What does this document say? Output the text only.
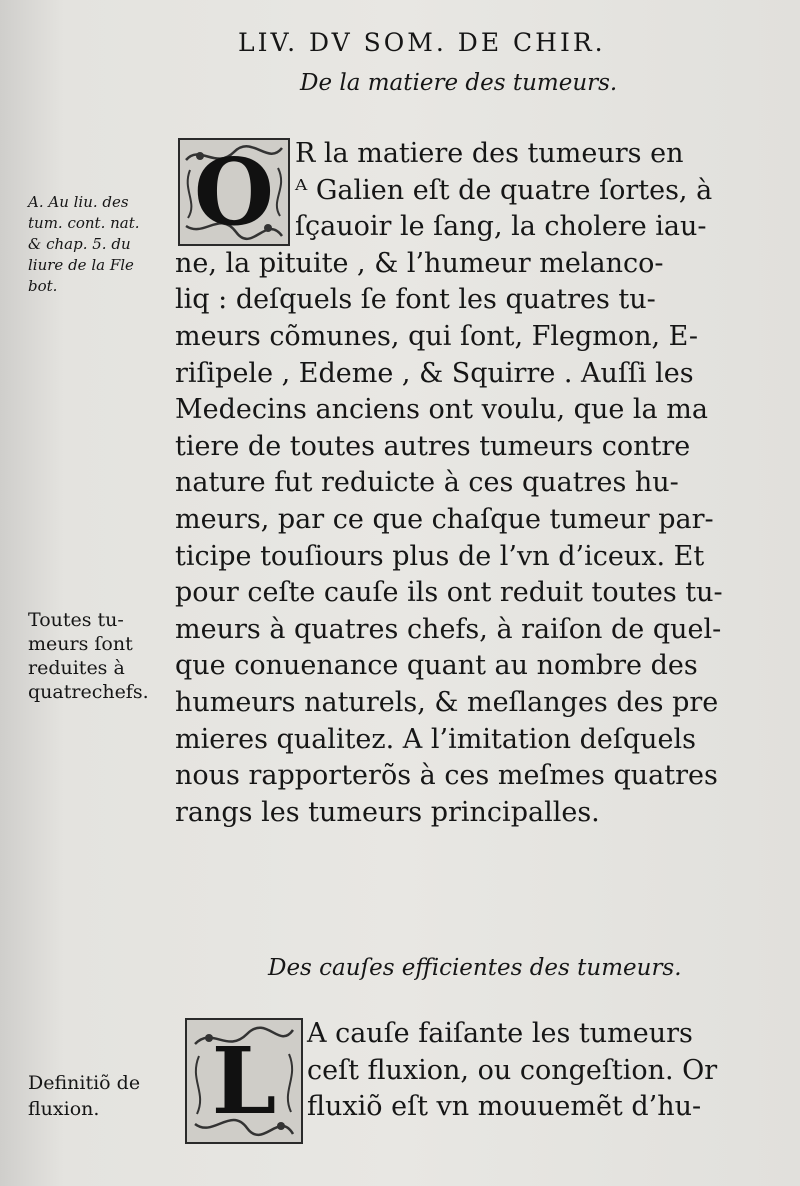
LIV. DV SOM. DE CHIR.
De la matiere des tumeurs.
O R la matiere des tumeurs en
ᴬ Galien eſt de quatre ſortes, à
ſçauoir le ſang, la cholere iau-
ne, la pituite , & l’humeur melanco-
liq : deſquels ſe font les quatres tu-
meurs cõmunes, qui ſont, Flegmon, E-
riſipele , Edeme , & Squirre . Auſſi les
Medecins anciens ont voulu, que la ma
tiere de toutes autres tumeurs contre
nature fut reduicte à ces quatres hu-
meurs, par ce que chaſque tumeur par-
ticipe touſiours plus de l’vn d’iceux. Et
pour ceſte cauſe ils ont reduit toutes tu-
meurs à quatres chefs, à raiſon de quel-
que conuenance quant au nombre des
humeurs naturels, & meſlanges des pre
mieres qualitez. A l’imitation deſquels
nous rapporterõs à ces meſmes quatres
rangs les tumeurs principalles.
Des cauſes efficientes des tumeurs.
L	A cauſe faiſante les tumeurs
ceſt fluxion, ou congeſtion. Or
fluxiõ eſt vn mouuemẽt d’hu-
A. Au liu. des
tum. cont. nat.
& chap. 5. du
liure de la Fle
bot.
Toutes tu-
meurs ſont
reduites à
quatrechefs.
Definitiõ de
fluxion.
